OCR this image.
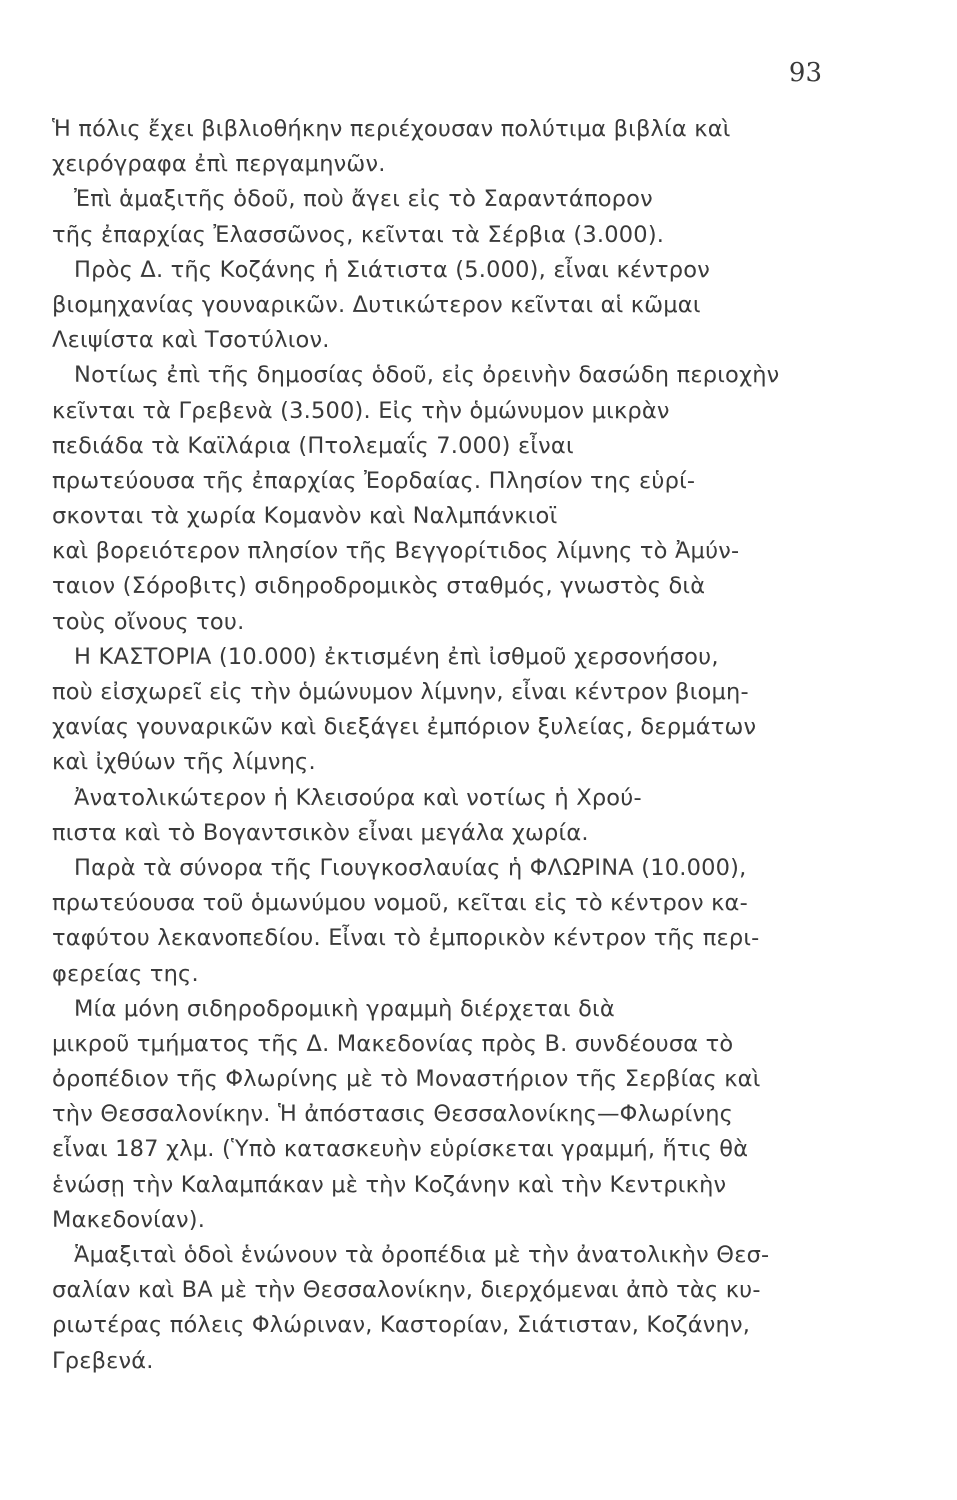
93
Ἡ πόλις ἔχει βιβλιοθήκην περιέχουσαν πολύτιμα βιβλία καὶ
χειρόγραφα ἐπὶ περγαμηνῶν.
Ἐπὶ ἁμαξιτῆς ὁδοῦ, ποὺ ἄγει εἰς τὸ Σαραντάπορον
τῆς ἐπαρχίας Ἐλασσῶνος, κεῖνται τὰ Σέρβια (3.000).
Πρὸς Δ. τῆς Κοζάνης ἡ Σιάτιστα (5.000), εἶναι κέντρον
βιομηχανίας γουναρικῶν. Δυτικώτερον κεῖνται αἱ κῶμαι
Λειψίστα καὶ Τσοτύλιον.
Νοτίως ἐπὶ τῆς δημοσίας ὁδοῦ, εἰς ὀρεινὴν δασώδη περιοχὴν
κεῖνται τὰ Γρεβενὰ (3.500). Εἰς τὴν ὁμώνυμον μικρὰν
πεδιάδα τὰ Καϊλάρια (Πτολεμαΐς 7.000) εἶναι
πρωτεύουσα τῆς ἐπαρχίας Ἐορδαίας. Πλησίον της εὑρί-
σκονται τὰ χωρία Κομανὸν καὶ Ναλμπάνκιοϊ
καὶ βορειότερον πλησίον τῆς Βεγγορίτιδος λίμνης τὸ Ἀμύν-
ταιον (Σόροβιτς) σιδηροδρομικὸς σταθμός, γνωστὸς διὰ
τοὺς οἴνους του.
Η ΚΑΣΤΟΡΙΑ (10.000) ἐκτισμένη ἐπὶ ἰσθμοῦ χερσονήσου,
ποὺ εἰσχωρεῖ εἰς τὴν ὁμώνυμον λίμνην, εἶναι κέντρον βιομη-
χανίας γουναρικῶν καὶ διεξάγει ἐμπόριον ξυλείας, δερμάτων
καὶ ἰχθύων τῆς λίμνης.
Ἀνατολικώτερον ἡ Κλεισούρα καὶ νοτίως ἡ Χρού-
πιστα καὶ τὸ Βογαντσικὸν εἶναι μεγάλα χωρία.
Παρὰ τὰ σύνορα τῆς Γιουγκοσλαυίας ἡ ΦΛΩΡΙΝΑ (10.000),
πρωτεύουσα τοῦ ὁμωνύμου νομοῦ, κεῖται εἰς τὸ κέντρον κα-
ταφύτου λεκανοπεδίου. Εἶναι τὸ ἐμπορικὸν κέντρον τῆς περι-
φερείας της.
Μία μόνη σιδηροδρομικὴ γραμμὴ διέρχεται διὰ
μικροῦ τμήματος τῆς Δ. Μακεδονίας πρὸς Β. συνδέουσα τὸ
ὀροπέδιον τῆς Φλωρίνης μὲ τὸ Μοναστήριον τῆς Σερβίας καὶ
τὴν Θεσσαλονίκην. Ἡ ἀπόστασις Θεσσαλονίκης—Φλωρίνης
εἶναι 187 χλμ. (Ὑπὸ κατασκευὴν εὑρίσκεται γραμμή, ἥτις θὰ
ἑνώσῃ τὴν Καλαμπάκαν μὲ τὴν Κοζάνην καὶ τὴν Κεντρικὴν
Μακεδονίαν).
Ἁμαξιταὶ ὁδοὶ ἑνώνουν τὰ ὀροπέδια μὲ τὴν ἀνατολικὴν Θεσ-
σαλίαν καὶ ΒΑ μὲ τὴν Θεσσαλονίκην, διερχόμεναι ἀπὸ τὰς κυ-
ριωτέρας πόλεις Φλώριναν, Καστορίαν, Σιάτισταν, Κοζάνην,
Γρεβενά.
